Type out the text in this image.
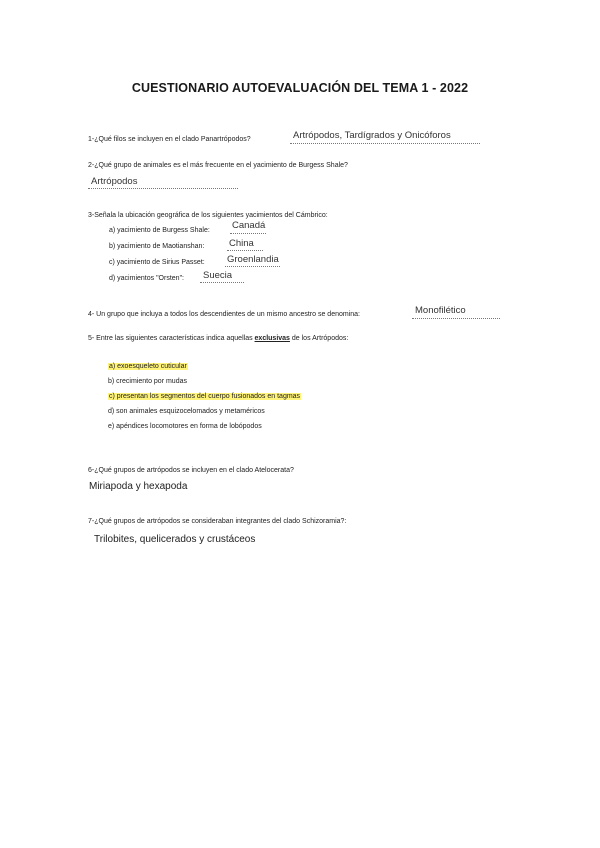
CUESTIONARIO AUTOEVALUACIÓN DEL TEMA 1 - 2022
1-¿Qué filos se incluyen en el clado Panartrópodos?	Artrópodos, Tardígrados y Onicóforos
2-¿Qué grupo de animales es el más frecuente en el yacimiento de Burgess Shale?
Artrópodos
3-Señala la ubicación geográfica de los siguientes yacimientos del Cámbrico:
a) yacimiento de Burgess Shale: Canadá
b) yacimiento de Maotianshan:	China
c) yacimiento de Sirius Passet: Groenlandia
d) yacimientos "Orsten": Suecia
4- Un grupo que incluya a todos los descendientes de un mismo ancestro se denomina:	Monofilético
5- Entre las siguientes características indica aquellas exclusivas de los Artrópodos:
a) exoesqueleto cuticular
b) crecimiento por mudas
c) presentan los segmentos del cuerpo fusionados en tagmas
d) son animales esquizocelomados y metaméricos
e) apéndices locomotores en forma de lobópodos
6-¿Qué grupos de artrópodos se incluyen en el clado Atelocerata?
Miriapoda y hexapoda
7-¿Qué grupos de artrópodos se consideraban integrantes del clado Schizoramia?:
Trilobites, quelicerados y crustáceos
